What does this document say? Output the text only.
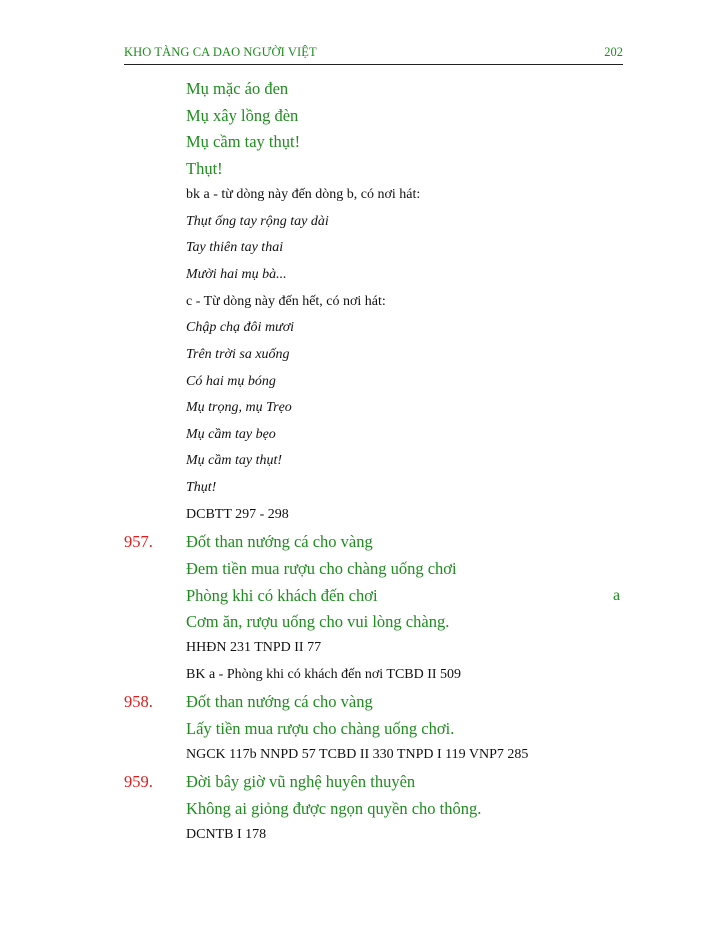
KHO TÀNG CA DAO NGƯỜI VIỆT	202
Mụ mặc áo đen
Mụ xây lồng đèn
Mụ cầm tay thụt!
Thụt!
bk a - từ dòng này đến dòng b, có nơi hát:
Thụt ống tay rộng tay dài
Tay thiên tay thai
Mười hai mụ bà...
c - Từ dòng này đến hết, có nơi hát:
Chập chạ đôi mươi
Trên trời sa xuống
Có hai mụ bóng
Mụ trọng, mụ Trẹo
Mụ cầm tay bẹo
Mụ cầm tay thụt!
Thụt!
DCBTT 297 - 298
957. Đốt than nướng cá cho vàng
Đem tiền mua rượu cho chàng uống chơi
Phòng khi có khách đến chơi	a
Cơm ăn, rượu uống cho vui lòng chàng.
HHĐN 231 TNPD II 77
BK a - Phòng khi có khách đến nơi TCBD II 509
958. Đốt than nướng cá cho vàng
Lấy tiền mua rượu cho chàng uống chơi.
NGCK 117b NNPD 57 TCBD II 330 TNPD I 119 VNP7 285
959. Đời bây giờ vũ nghệ huyên thuyên
Không ai giỏng được ngọn quyền cho thông.
DCNTB I 178
